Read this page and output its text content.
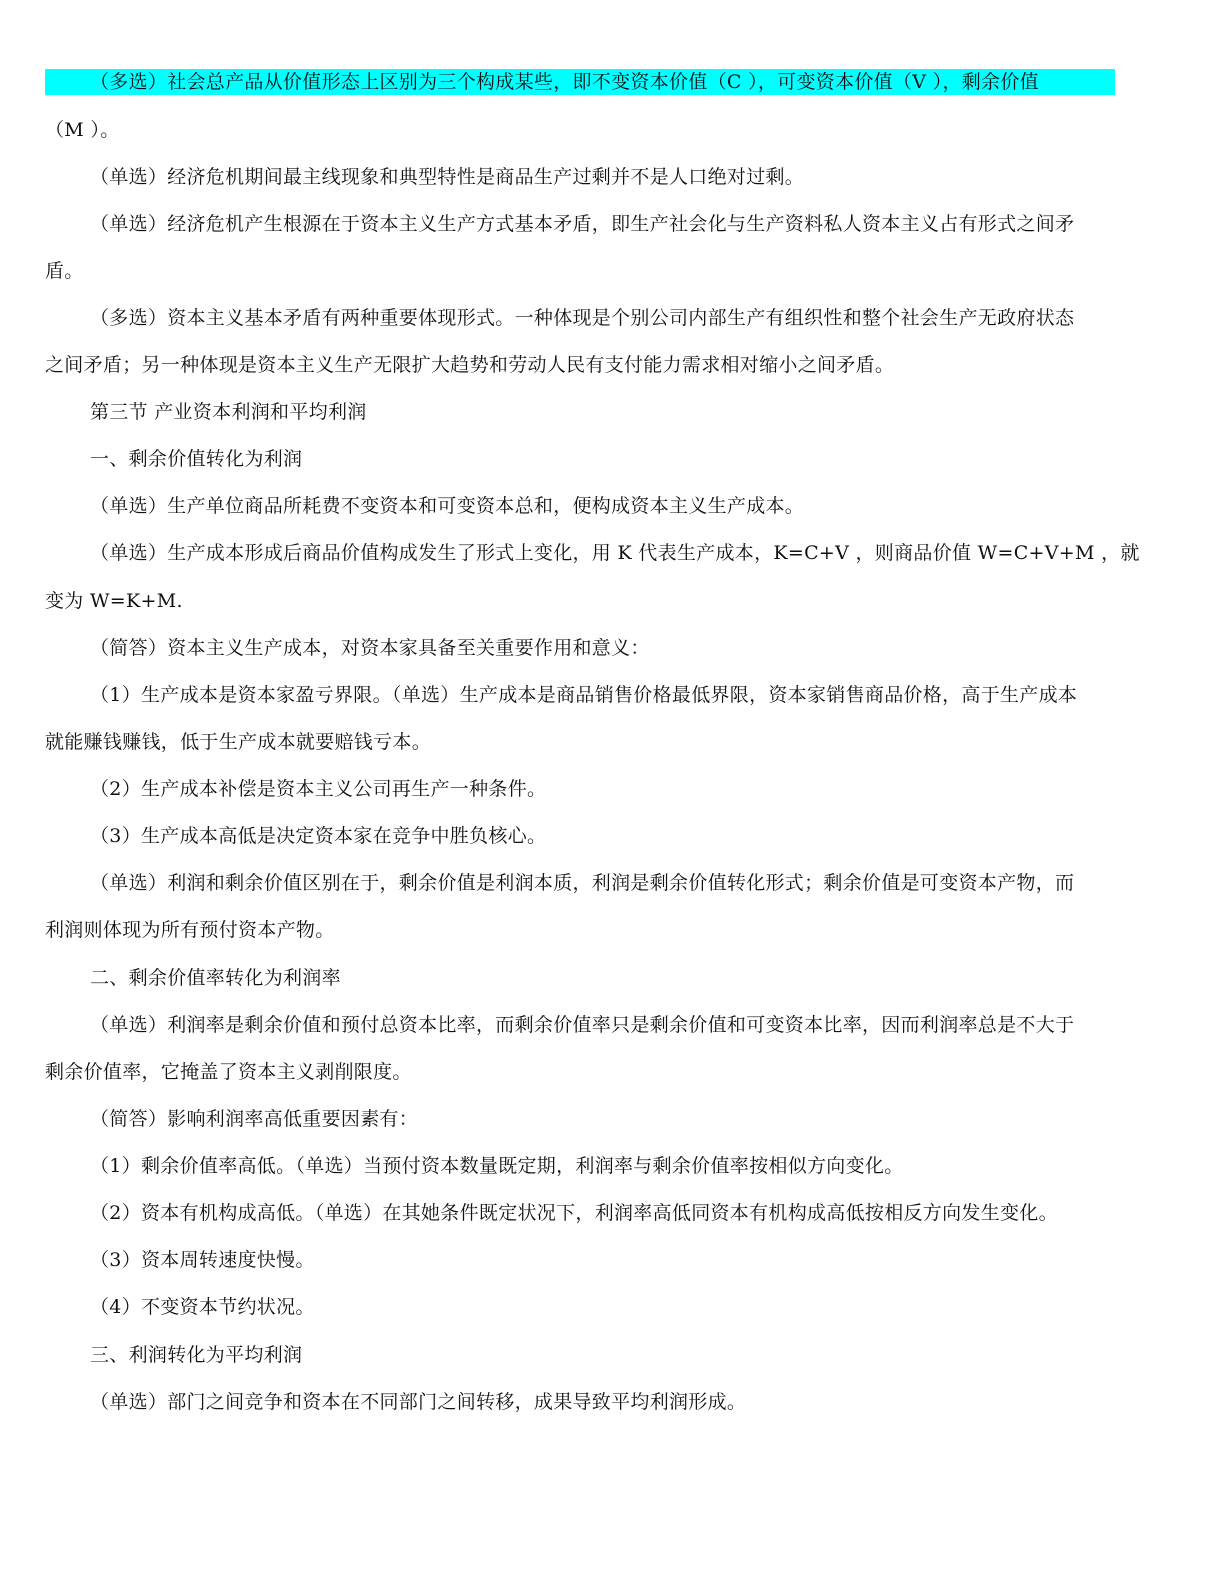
（多选）社会总产品从价值形态上区别为三个构成某些，即不变资本价值（C ），可变资本价值（V ），剩余价值
（M ）。
（单选）经济危机期间最主线现象和典型特性是商品生产过剩并不是人口绝对过剩。
（单选）经济危机产生根源在于资本主义生产方式基本矛盾，即生产社会化与生产资料私人资本主义占有形式之间矛
盾。
（多选）资本主义基本矛盾有两种重要体现形式。一种体现是个别公司内部生产有组织性和整个社会生产无政府状态
之间矛盾；另一种体现是资本主义生产无限扩大趋势和劳动人民有支付能力需求相对缩小之间矛盾。
第三节 产业资本利润和平均利润
一、剩余价值转化为利润
（单选）生产单位商品所耗费不变资本和可变资本总和，便构成资本主义生产成本。
（单选）生产成本形成后商品价值构成发生了形式上变化，用 K 代表生产成本，K=C+V ，则商品价值 W=C+V+M ，就
变为 W=K+M.
（简答）资本主义生产成本，对资本家具备至关重要作用和意义：
（1）生产成本是资本家盈亏界限。（单选）生产成本是商品销售价格最低界限，资本家销售商品价格，高于生产成本
就能赚钱赚钱，低于生产成本就要赔钱亏本。
（2）生产成本补偿是资本主义公司再生产一种条件。
（3）生产成本高低是决定资本家在竞争中胜负核心。
（单选）利润和剩余价值区别在于，剩余价值是利润本质，利润是剩余价值转化形式；剩余价值是可变资本产物，而
利润则体现为所有预付资本产物。
二、剩余价值率转化为利润率
（单选）利润率是剩余价值和预付总资本比率，而剩余价值率只是剩余价值和可变资本比率，因而利润率总是不大于
剩余价值率，它掩盖了资本主义剥削限度。
（简答）影响利润率高低重要因素有：
（1）剩余价值率高低。（单选）当预付资本数量既定期，利润率与剩余价值率按相似方向变化。
（2）资本有机构成高低。（单选）在其她条件既定状况下，利润率高低同资本有机构成高低按相反方向发生变化。
（3）资本周转速度快慢。
（4）不变资本节约状况。
三、利润转化为平均利润
（单选）部门之间竞争和资本在不同部门之间转移，成果导致平均利润形成。
